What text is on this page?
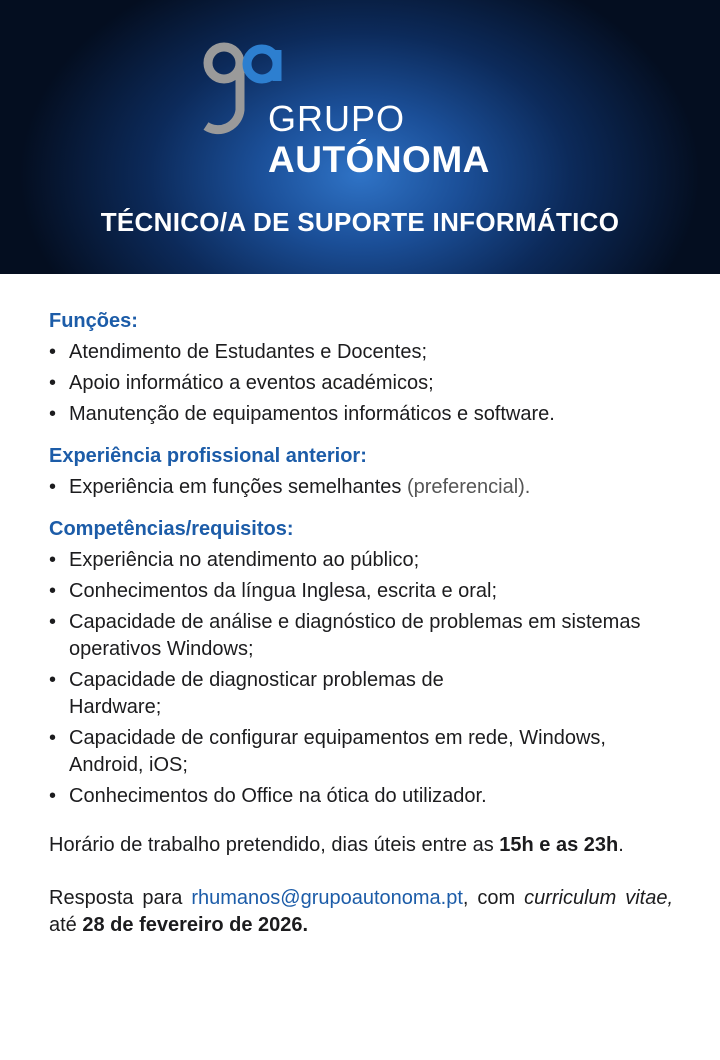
GRUPO
AUTÓNOMA
TÉCNICO/A DE SUPORTE INFORMÁTICO
Funções:
• Atendimento de Estudantes e Docentes;
• Apoio informático a eventos académicos;
• Manutenção de equipamentos informáticos e software.
Experiência profissional anterior:
• Experiência em funções semelhantes (preferencial).
Competências/requisitos:
• Experiência no atendimento ao público;
• Conhecimentos da língua Inglesa, escrita e oral;
• Capacidade de análise e diagnóstico de problemas em sistemas operativos Windows;
• Capacidade de diagnosticar problemas de Hardware;
• Capacidade de configurar equipamentos em rede, Windows, Android, iOS;
• Conhecimentos do Office na ótica do utilizador.

Horário de trabalho pretendido, dias úteis entre as 15h e as 23h.

Resposta para rhumanos@grupoautonoma.pt, com curriculum vitae, até 28 de fevereiro de 2026.
